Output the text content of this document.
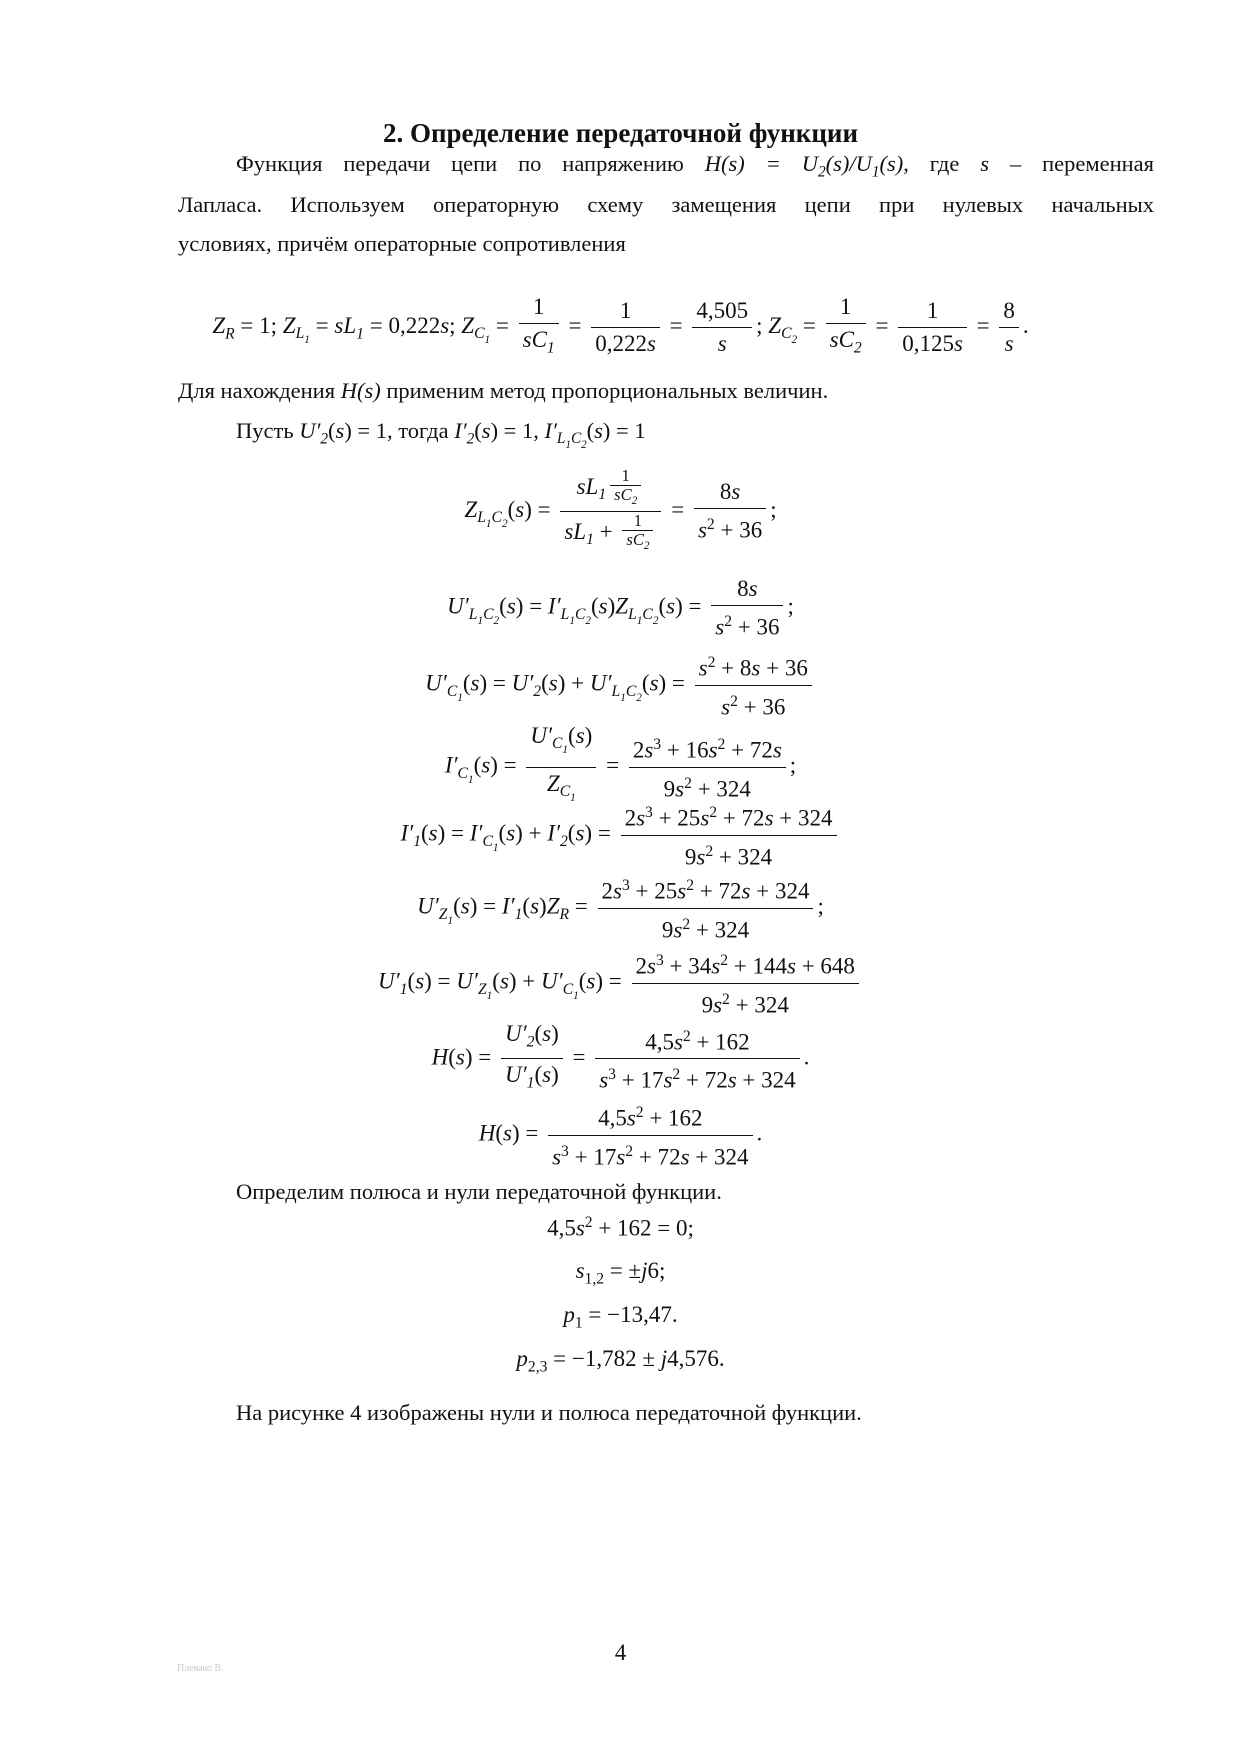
2. Определение передаточной функции
Функция передачи цепи по напряжению $H(s) = U_2(s)/U_1(s)$, где s – переменная
Лапласа. Используем операторную схему замещения цепи при нулевых начальных
условиях, причём операторные сопротивления
$Z_R = 1$; $Z_{L_1} = sL_1 = 0,222s$; $Z_{C_1} = \frac{1}{sC_1} = \frac{1}{0,222s} = \frac{4,505}{s}$ ; $Z_{C_2} = \frac{1}{sC_2} = \frac{1}{0,125s} = \frac{8}{s}$ .
Для нахождения H(s) применим метод пропорциональных величин.
Пусть $U'_2(s) = 1$, тогда $I'_2(s) = 1$, $I'_{L_1C_2}(s) = 1$
$Z_{L_1C_2}(s) = \frac{sL_1 \frac{1}{sC_2}}{sL_1 + \frac{1}{sC_2}} = \frac{8s}{s^2 + 36}$ ;
$U'_{L_1C_2}(s) = I'_{L_1C_2}(s)Z_{L_1C_2}(s) = \frac{8s}{s^2 + 36}$ ;
$U'_{C_1}(s) = U'_2(s) + U'_{L_1C_2}(s) = \frac{s^2 + 8s + 36}{s^2 + 36}$
$I'_{C_1}(s) = \frac{U'_{C_1}(s)}{Z_{C_1}} = \frac{2s^3 + 16s^2 + 72s}{9s^2 + 324}$ ;
$I'_1(s) = I'_{C_1}(s) + I'_2(s) = \frac{2s^3 + 25s^2 + 72s + 324}{9s^2 + 324}$
$U'_{Z_1}(s) = I'_1(s)Z_R = \frac{2s^3 + 25s^2 + 72s + 324}{9s^2 + 324}$ ;
$U'_1(s) = U'_{Z_1}(s) + U'_{C_1}(s) = \frac{2s^3 + 34s^2 + 144s + 648}{9s^2 + 324}$
$H(s) = \frac{U'_2(s)}{U'_1(s)} = \frac{4,5s^2 + 162}{s^3 + 17s^2 + 72s + 324}$ .
$H(s) = \frac{4,5s^2 + 162}{s^3 + 17s^2 + 72s + 324}$ .
Определим полюса и нули передаточной функции.
$4,5s^2 + 162 = 0$;
$s_{1,2} = \pm j6$;
$p_1 = -13,47$.
$p_{2,3} = -1,782 \pm j4,576$.
На рисунке 4 изображены нули и полюса передаточной функции.
4
Плевако В.
